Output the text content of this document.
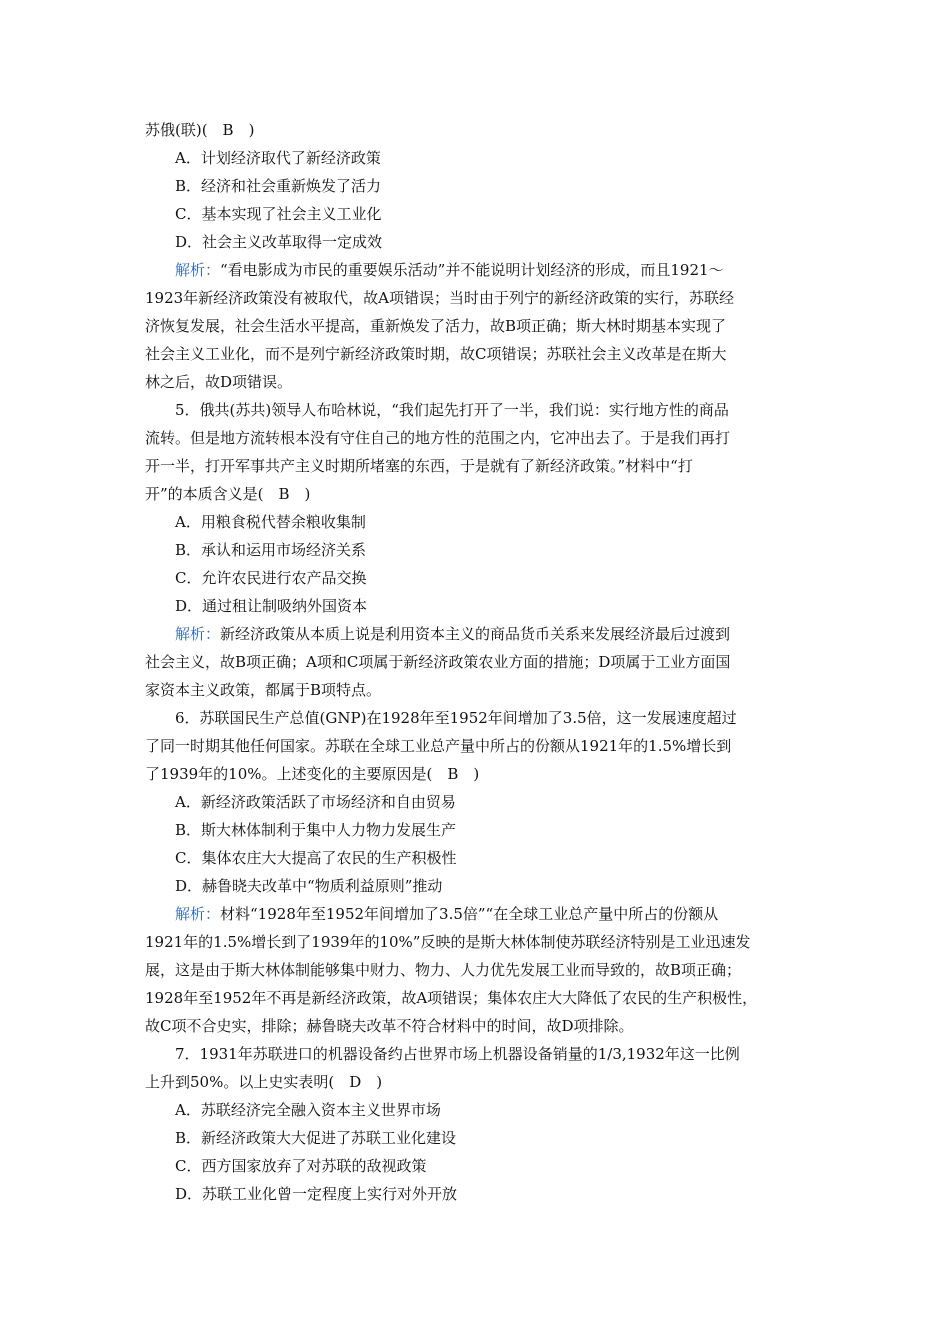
苏俄(联)(　B　)
A．计划经济取代了新经济政策
B．经济和社会重新焕发了活力
C．基本实现了社会主义工业化
D．社会主义改革取得一定成效
解析：“看电影成为市民的重要娱乐活动”并不能说明计划经济的形成，而且1921～
1923年新经济政策没有被取代，故A项错误；当时由于列宁的新经济政策的实行，苏联经
济恢复发展，社会生活水平提高，重新焕发了活力，故B项正确；斯大林时期基本实现了
社会主义工业化，而不是列宁新经济政策时期，故C项错误；苏联社会主义改革是在斯大
林之后，故D项错误。
5．俄共(苏共)领导人布哈林说，“我们起先打开了一半，我们说：实行地方性的商品
流转。但是地方流转根本没有守住自己的地方性的范围之内，它冲出去了。于是我们再打
开一半，打开军事共产主义时期所堵塞的东西，于是就有了新经济政策。”材料中“打
开”的本质含义是(　B　)
A．用粮食税代替余粮收集制
B．承认和运用市场经济关系
C．允许农民进行农产品交换
D．通过租让制吸纳外国资本
解析：新经济政策从本质上说是利用资本主义的商品货币关系来发展经济最后过渡到
社会主义，故B项正确；A项和C项属于新经济政策农业方面的措施；D项属于工业方面国
家资本主义政策，都属于B项特点。
6．苏联国民生产总值(GNP)在1928年至1952年间增加了3.5倍，这一发展速度超过
了同一时期其他任何国家。苏联在全球工业总产量中所占的份额从1921年的1.5%增长到
了1939年的10%。上述变化的主要原因是(　B　)
A．新经济政策活跃了市场经济和自由贸易
B．斯大林体制利于集中人力物力发展生产
C．集体农庄大大提高了农民的生产积极性
D．赫鲁晓夫改革中“物质利益原则”推动
解析：材料“1928年至1952年间增加了3.5倍”“在全球工业总产量中所占的份额从
1921年的1.5%增长到了1939年的10%”反映的是斯大林体制使苏联经济特别是工业迅速发
展，这是由于斯大林体制能够集中财力、物力、人力优先发展工业而导致的，故B项正确；
1928年至1952年不再是新经济政策，故A项错误；集体农庄大大降低了农民的生产积极性，
故C项不合史实，排除；赫鲁晓夫改革不符合材料中的时间，故D项排除。
7．1931年苏联进口的机器设备约占世界市场上机器设备销量的1/3,1932年这一比例
上升到50%。以上史实表明(　D　)
A．苏联经济完全融入资本主义世界市场
B．新经济政策大大促进了苏联工业化建设
C．西方国家放弃了对苏联的敌视政策
D．苏联工业化曾一定程度上实行对外开放
